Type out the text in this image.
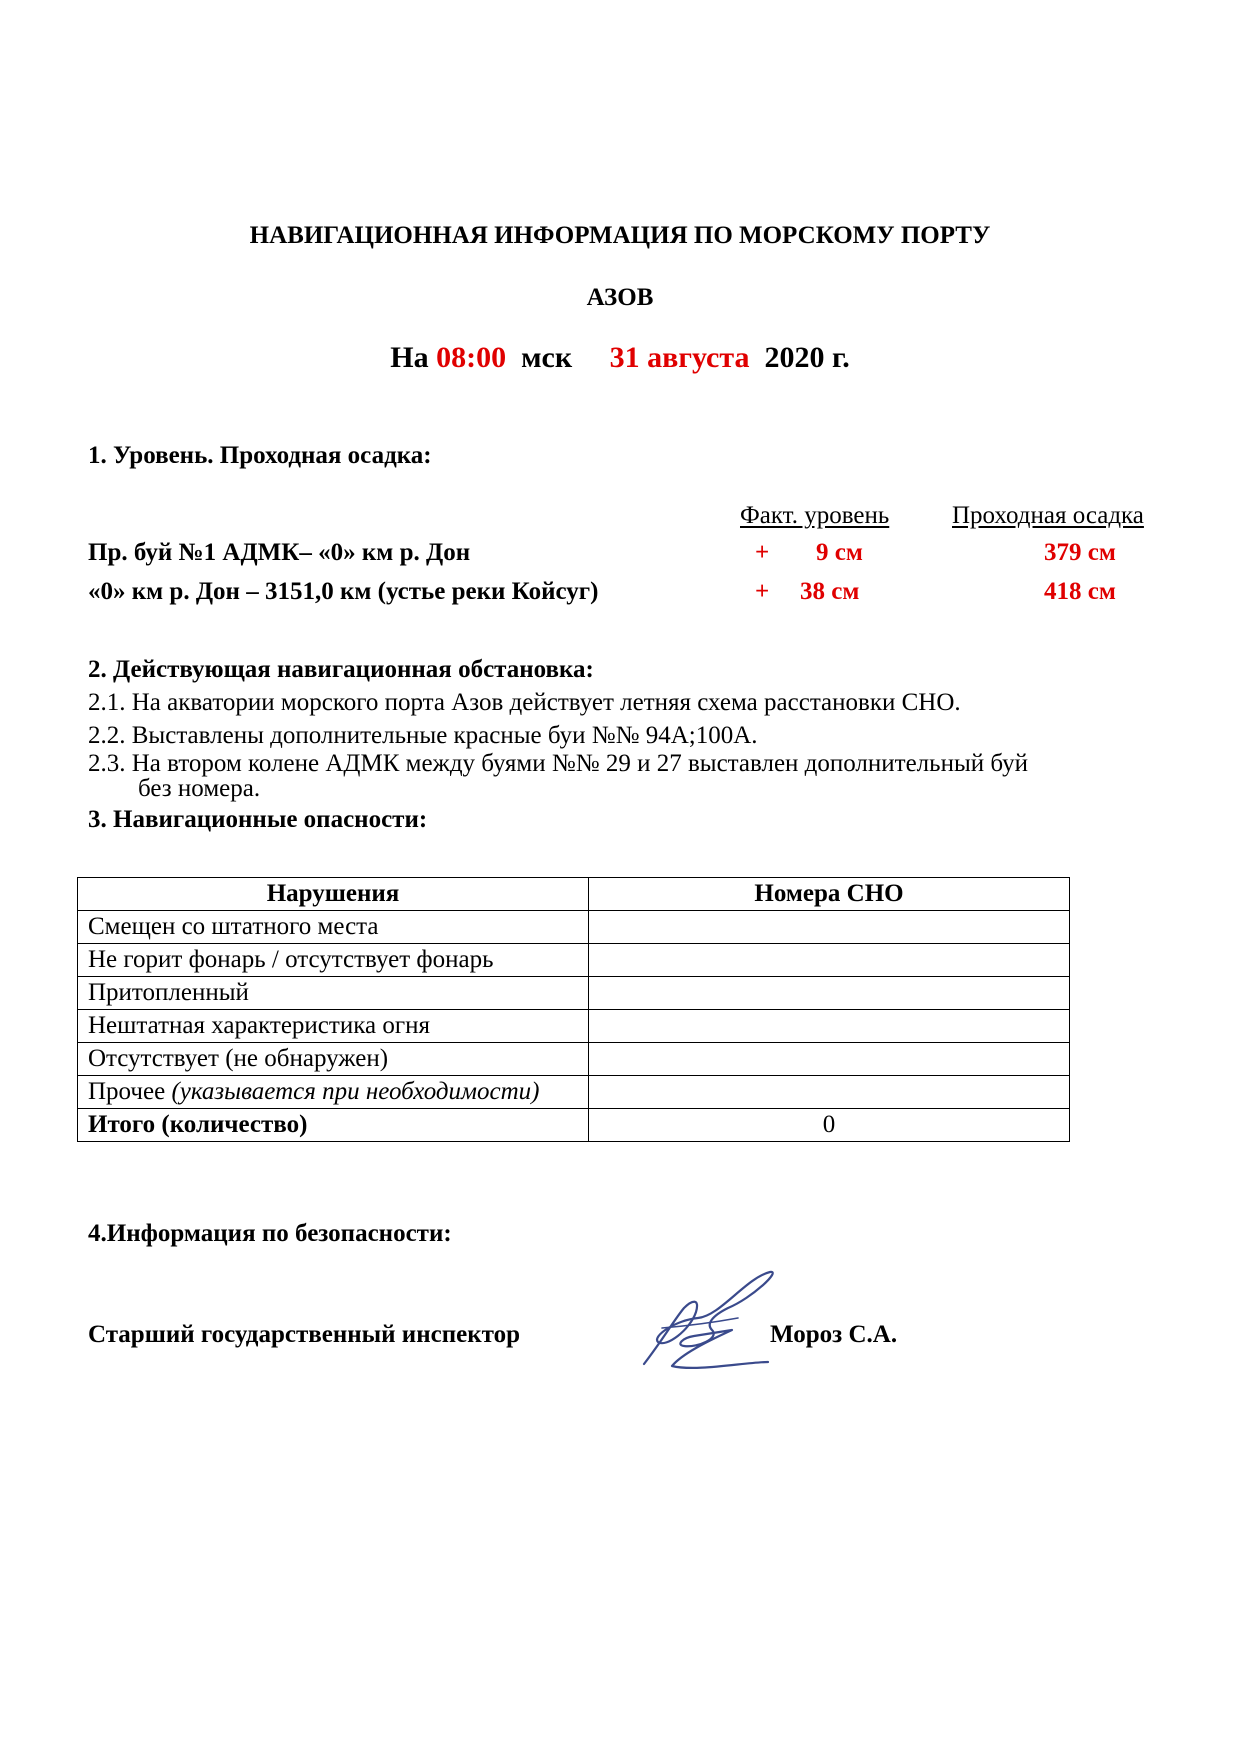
НАВИГАЦИОННАЯ ИНФОРМАЦИЯ ПО МОРСКОМУ ПОРТУ
АЗОВ
На 08:00 мск 31 августа 2020 г.
1. Уровень. Проходная осадка:
Факт. уровень	Проходная осадка
Пр. буй №1 АДМК– «0» км р. Дон	+ 9 см	379 см
«0» км р. Дон – 3151,0 км (устье реки Койсуг)	+ 38 см	418 см
2. Действующая навигационная обстановка:
2.1. На акватории морского порта Азов действует летняя схема расстановки СНО.
2.2. Выставлены дополнительные красные буи №№ 94А;100А.
2.3. На втором колене АДМК между буями №№ 29 и 27 выставлен дополнительный буй
без номера.
3. Навигационные опасности:
Нарушения	Номера СНО
Смещен со штатного места	
Не горит фонарь / отсутствует фонарь	
Притопленный	
Нештатная характеристика огня	
Отсутствует (не обнаружен)	
Прочее (указывается при необходимости)	
Итого (количество)	0
4.Информация по безопасности:
Старший государственный инспектор	Мороз С.А.
